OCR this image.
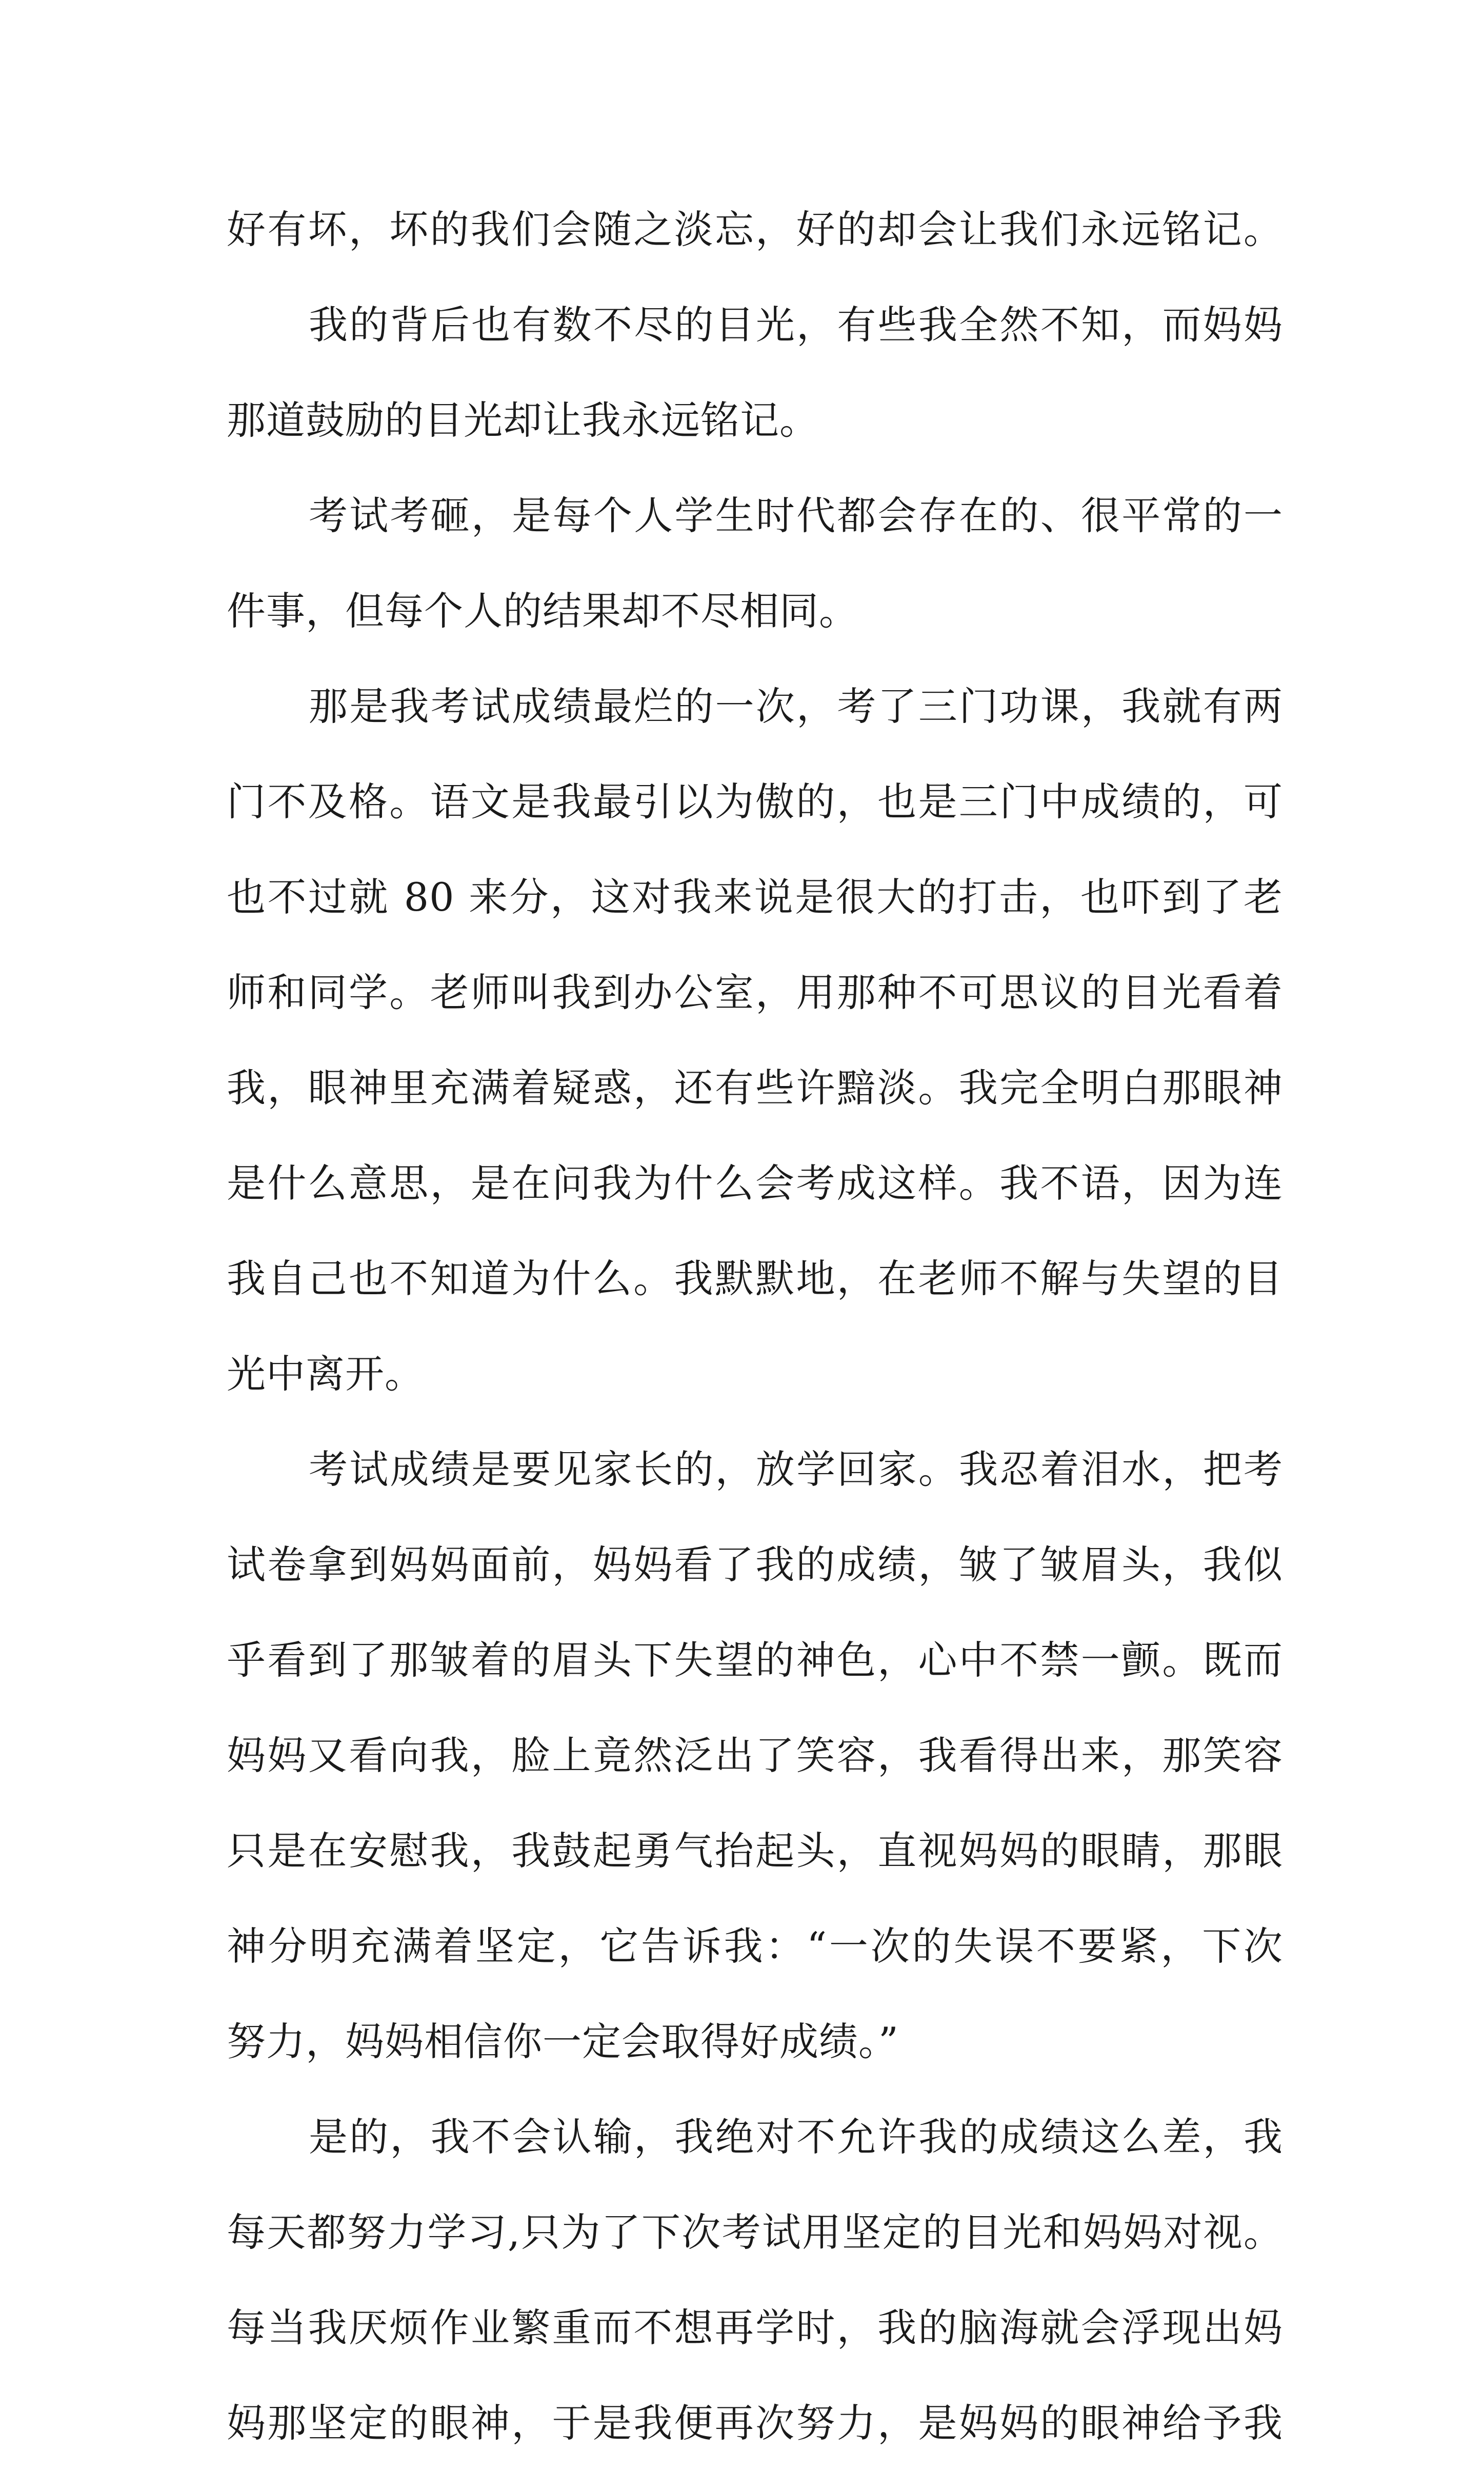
好有坏，坏的我们会随之淡忘，好的却会让我们永远铭记。
我的背后也有数不尽的目光，有些我全然不知，而妈妈
那道鼓励的目光却让我永远铭记。
考试考砸，是每个人学生时代都会存在的、很平常的一
件事，但每个人的结果却不尽相同。
那是我考试成绩最烂的一次，考了三门功课，我就有两
门不及格。语文是我最引以为傲的，也是三门中成绩的，可
也不过就 80 来分，这对我来说是很大的打击，也吓到了老
师和同学。老师叫我到办公室，用那种不可思议的目光看着
我，眼神里充满着疑惑，还有些许黯淡。我完全明白那眼神
是什么意思，是在问我为什么会考成这样。我不语，因为连
我自己也不知道为什么。我默默地，在老师不解与失望的目
光中离开。
考试成绩是要见家长的，放学回家。我忍着泪水，把考
试卷拿到妈妈面前，妈妈看了我的成绩，皱了皱眉头，我似
乎看到了那皱着的眉头下失望的神色，心中不禁一颤。既而
妈妈又看向我，脸上竟然泛出了笑容，我看得出来，那笑容
只是在安慰我，我鼓起勇气抬起头，直视妈妈的眼睛，那眼
神分明充满着坚定，它告诉我：“一次的失误不要紧，下次
努力，妈妈相信你一定会取得好成绩。”
是的，我不会认输，我绝对不允许我的成绩这么差，我
每天都努力学习,只为了下次考试用坚定的目光和妈妈对视。
每当我厌烦作业繁重而不想再学时，我的脑海就会浮现出妈
妈那坚定的眼神，于是我便再次努力，是妈妈的眼神给予我
